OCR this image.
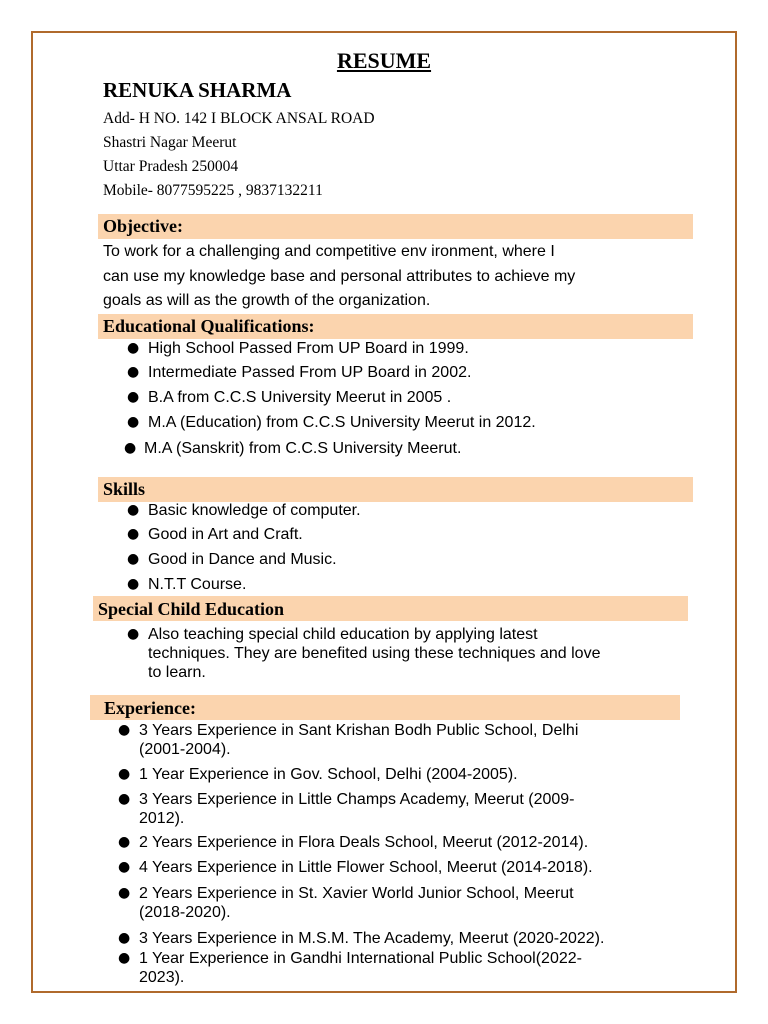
RESUME
RENUKA SHARMA
Add- H NO. 142 I BLOCK ANSAL ROAD
Shastri Nagar Meerut
Uttar Pradesh 250004
Mobile- 8077595225 , 9837132211
Objective:
To work for a challenging and competitive env ironment, where I
can use my knowledge base and personal attributes to achieve my
goals as will as the growth of the organization.
Educational Qualifications:
● High School Passed From UP Board in 1999.
● Intermediate Passed From UP Board in 2002.
● B.A from C.C.S University Meerut in 2005 .
● M.A (Education) from C.C.S University Meerut in 2012.
● M.A (Sanskrit) from C.C.S University Meerut.
Skills
● Basic knowledge of computer.
● Good in Art and Craft.
● Good in Dance and Music.
● N.T.T Course.
Special Child Education
● Also teaching special child education by applying latest
techniques. They are benefited using these techniques and love
to learn.
Experience:
● 3 Years Experience in Sant Krishan Bodh Public School, Delhi
(2001-2004).
● 1 Year Experience in Gov. School, Delhi (2004-2005).
● 3 Years Experience in Little Champs Academy, Meerut (2009-
2012).
● 2 Years Experience in Flora Deals School, Meerut (2012-2014).
● 4 Years Experience in Little Flower School, Meerut (2014-2018).
● 2 Years Experience in St. Xavier World Junior School, Meerut
(2018-2020).
● 3 Years Experience in M.S.M. The Academy, Meerut (2020-2022).
● 1 Year Experience in Gandhi International Public School(2022-
2023).
